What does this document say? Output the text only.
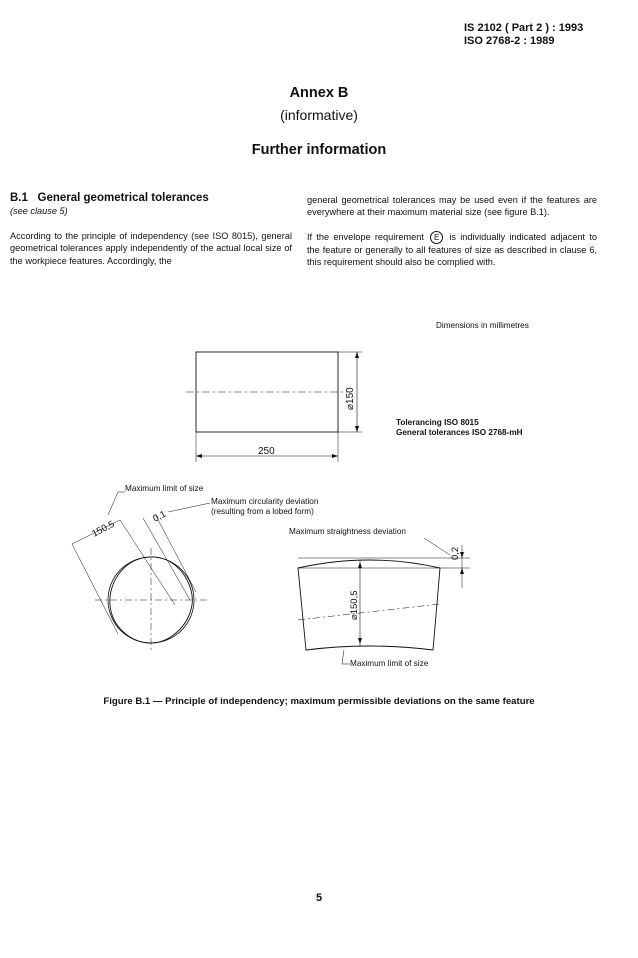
IS 2102 ( Part 2 ) : 1993
ISO 2768-2 : 1989
Annex B
(informative)
Further information
B.1 General geometrical tolerances
(see clause 5)

According to the principle of independency (see ISO 8015), general geometrical tolerances apply independently of the actual local size of the workpiece features. Accordingly, the

general geometrical tolerances may be used even if the features are everywhere at their maximum material size (see figure B.1).

If the envelope requirement E is individually indicated adjacent to the feature or generally to all features of size as described in clause 6, this requirement should also be complied with.

Dimensions in millimetres
250
⌀150
150,5
0,1
0,2
⌀150,5
Tolerancing ISO 8015
General tolerances ISO 2768-mH
Maximum limit of size
Maximum circularity deviation
(resulting from a lobed form)
Maximum straightness deviation
Maximum limit of size
Figure B.1 — Principle of independency; maximum permissible deviations on the same feature
5
